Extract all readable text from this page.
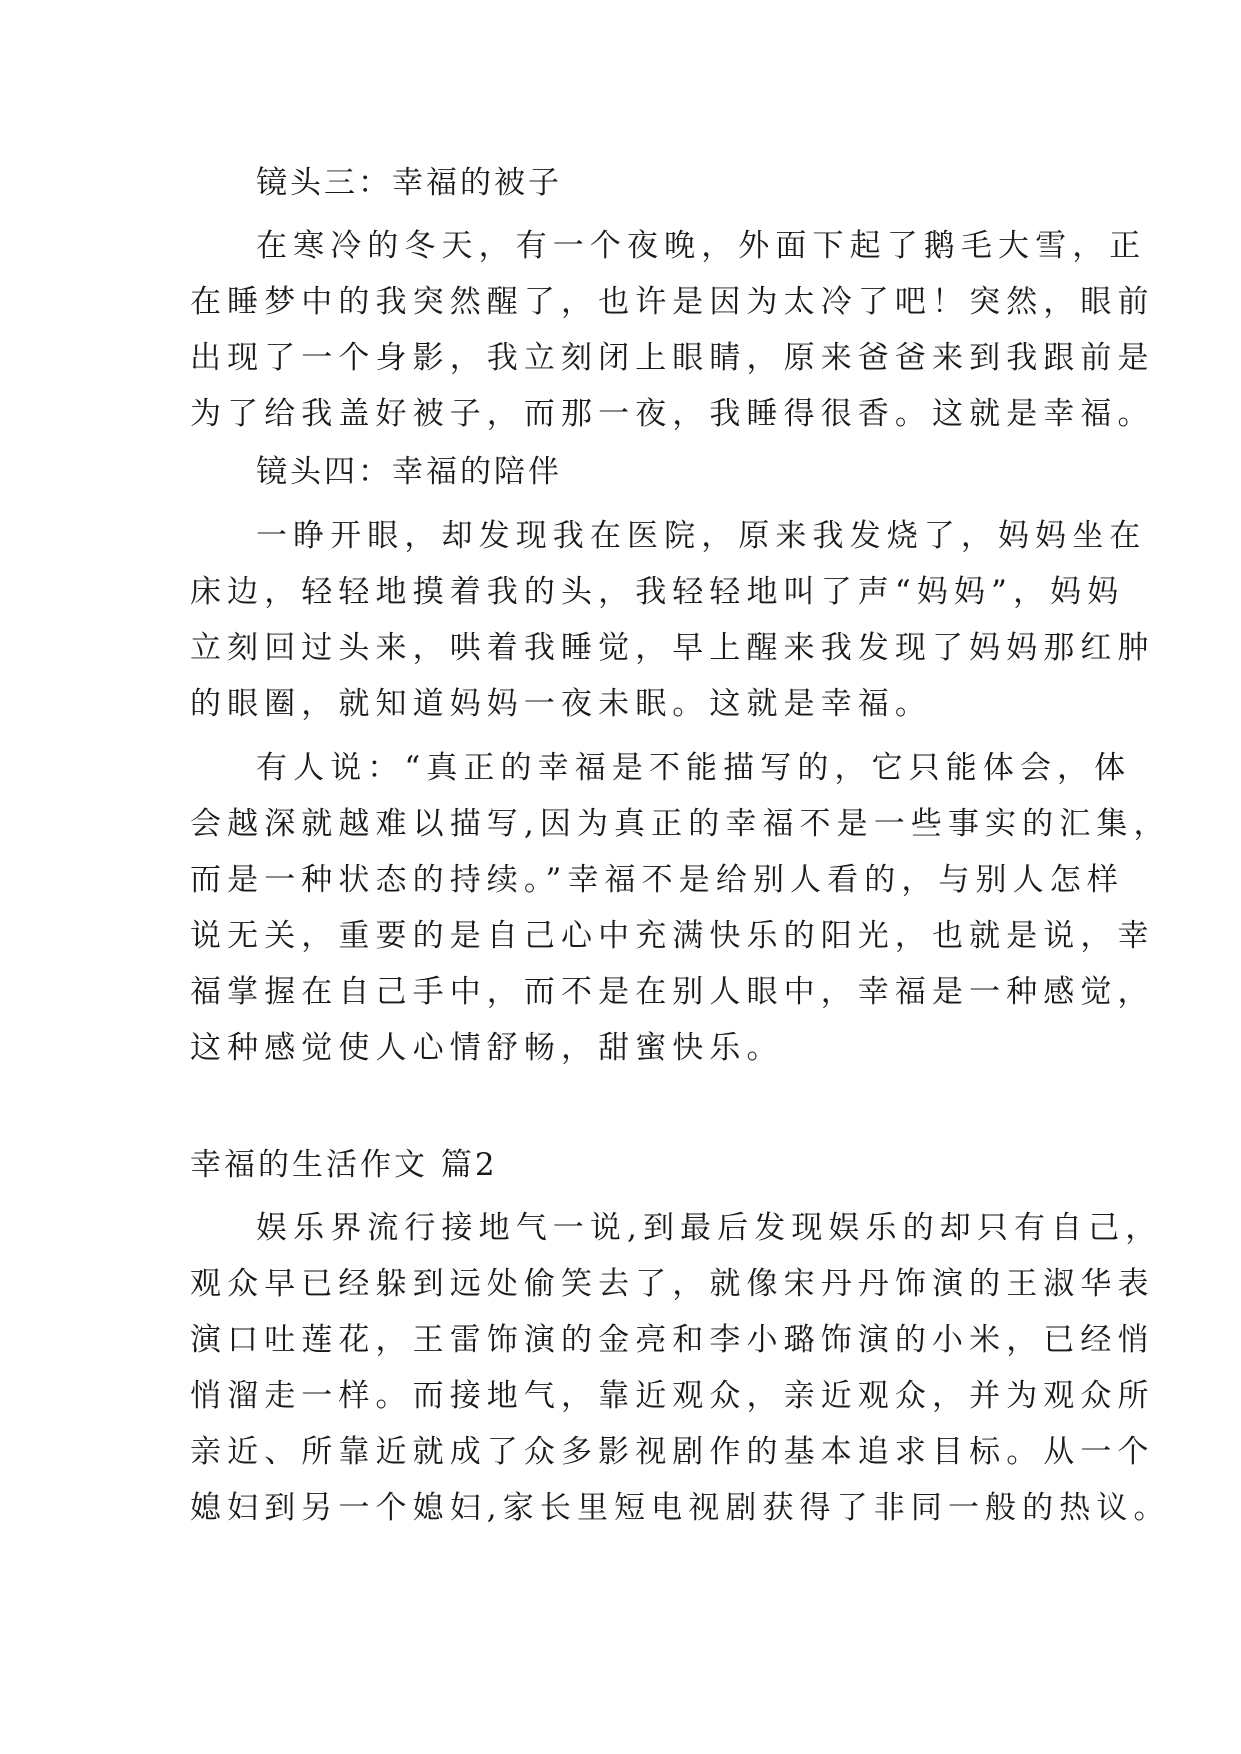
镜头三：幸福的被子
在寒冷的冬天，有一个夜晚，外面下起了鹅毛大雪，正
在睡梦中的我突然醒了，也许是因为太冷了吧！突然，眼前
出现了一个身影，我立刻闭上眼睛，原来爸爸来到我跟前是
为了给我盖好被子，而那一夜，我睡得很香。这就是幸福。
镜头四：幸福的陪伴
一睁开眼，却发现我在医院，原来我发烧了，妈妈坐在
床边，轻轻地摸着我的头，我轻轻地叫了声“妈妈”，妈妈
立刻回过头来，哄着我睡觉，早上醒来我发现了妈妈那红肿
的眼圈，就知道妈妈一夜未眠。这就是幸福。
有人说：“真正的幸福是不能描写的，它只能体会，体
会越深就越难以描写,因为真正的幸福不是一些事实的汇集，
而是一种状态的持续。”幸福不是给别人看的，与别人怎样
说无关，重要的是自己心中充满快乐的阳光，也就是说，幸
福掌握在自己手中，而不是在别人眼中，幸福是一种感觉，
这种感觉使人心情舒畅，甜蜜快乐。
幸福的生活作文 篇2
娱乐界流行接地气一说,到最后发现娱乐的却只有自己，
观众早已经躲到远处偷笑去了，就像宋丹丹饰演的王淑华表
演口吐莲花，王雷饰演的金亮和李小璐饰演的小米，已经悄
悄溜走一样。而接地气，靠近观众，亲近观众，并为观众所
亲近、所靠近就成了众多影视剧作的基本追求目标。从一个
媳妇到另一个媳妇,家长里短电视剧获得了非同一般的热议。
